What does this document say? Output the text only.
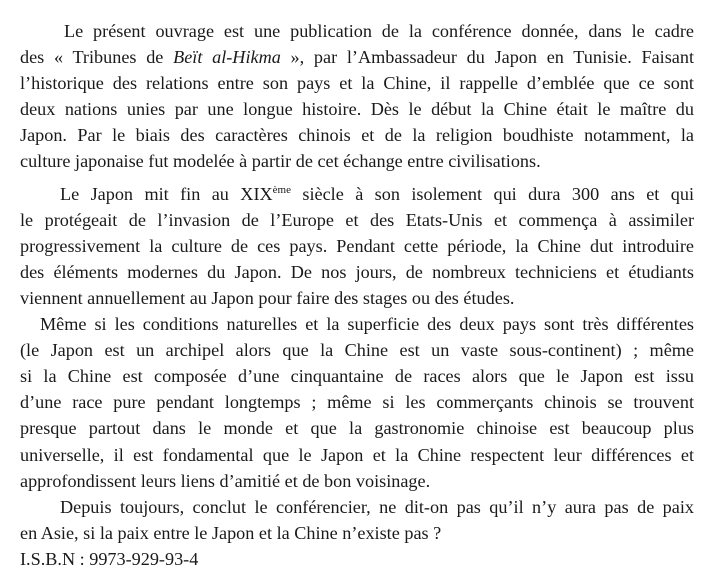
Le présent ouvrage est une publication de la conférence donnée, dans le cadre
des « Tribunes de Beït al-Hikma », par l’Ambassadeur du Japon en Tunisie. Faisant
l’historique des relations entre son pays et la Chine, il rappelle d’emblée que ce sont
deux nations unies par une longue histoire. Dès le début la Chine était le maître du
Japon. Par le biais des caractères chinois et de la religion boudhiste notamment, la
culture japonaise fut modelée à partir de cet échange entre civilisations.
Le Japon mit fin au XIXème siècle à son isolement qui dura 300 ans et qui
le protégeait de l’invasion de l’Europe et des Etats-Unis et commença à assimiler
progressivement la culture de ces pays. Pendant cette période, la Chine dut introduire
des éléments modernes du Japon. De nos jours, de nombreux techniciens et étudiants
viennent annuellement au Japon pour faire des stages ou des études.
Même si les conditions naturelles et la superficie des deux pays sont très différentes
(le Japon est un archipel alors que la Chine est un vaste sous-continent) ; même
si la Chine est composée d’une cinquantaine de races alors que le Japon est issu
d’une race pure pendant longtemps ; même si les commerçants chinois se trouvent
presque partout dans le monde et que la gastronomie chinoise est beaucoup plus
universelle, il est fondamental que le Japon et la Chine respectent leur différences et
approfondissent leurs liens d’amitié et de bon voisinage.
Depuis toujours, conclut le conférencier, ne dit-on pas qu’il n’y aura pas de paix
en Asie, si la paix entre le Japon et la Chine n’existe pas ?
I.S.B.N : 9973-929-93-4
